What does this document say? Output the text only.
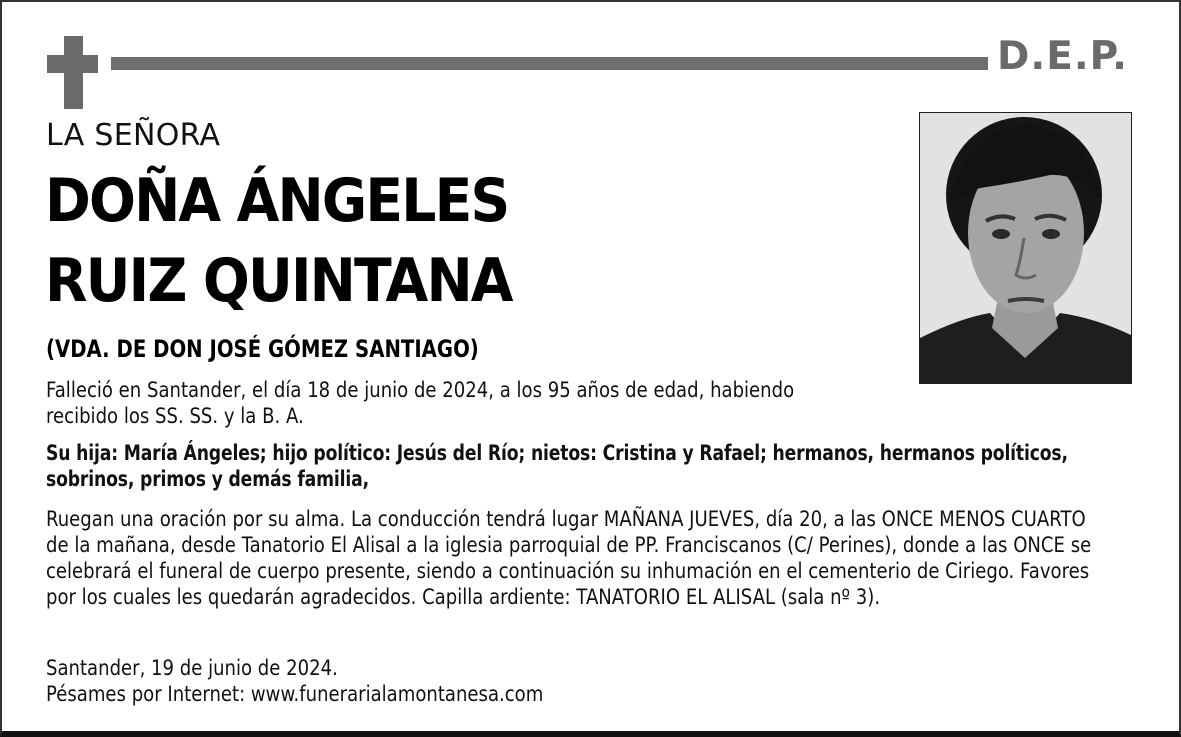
D.E.P.
LA SEÑORA
DOÑA ÁNGELES
RUIZ QUINTANA
(VDA. DE DON JOSÉ GÓMEZ SANTIAGO)
Falleció en Santander, el día 18 de junio de 2024, a los 95 años de edad, habiendo recibido los SS. SS. y la B. A.
Su hija: María Ángeles; hijo político: Jesús del Río; nietos: Cristina y Rafael; hermanos, hermanos políticos, sobrinos, primos y demás familia,
Ruegan una oración por su alma. La conducción tendrá lugar MAÑANA JUEVES, día 20, a las ONCE MENOS CUARTO de la mañana, desde Tanatorio El Alisal a la iglesia parroquial de PP. Franciscanos (C/ Perines), donde a las ONCE se celebrará el funeral de cuerpo presente, siendo a continuación su inhumación en el cementerio de Ciriego. Favores por los cuales les quedarán agradecidos. Capilla ardiente: TANATORIO EL ALISAL (sala nº 3).
Santander, 19 de junio de 2024.
Pésames por Internet: www.funerarialamontanesa.com
